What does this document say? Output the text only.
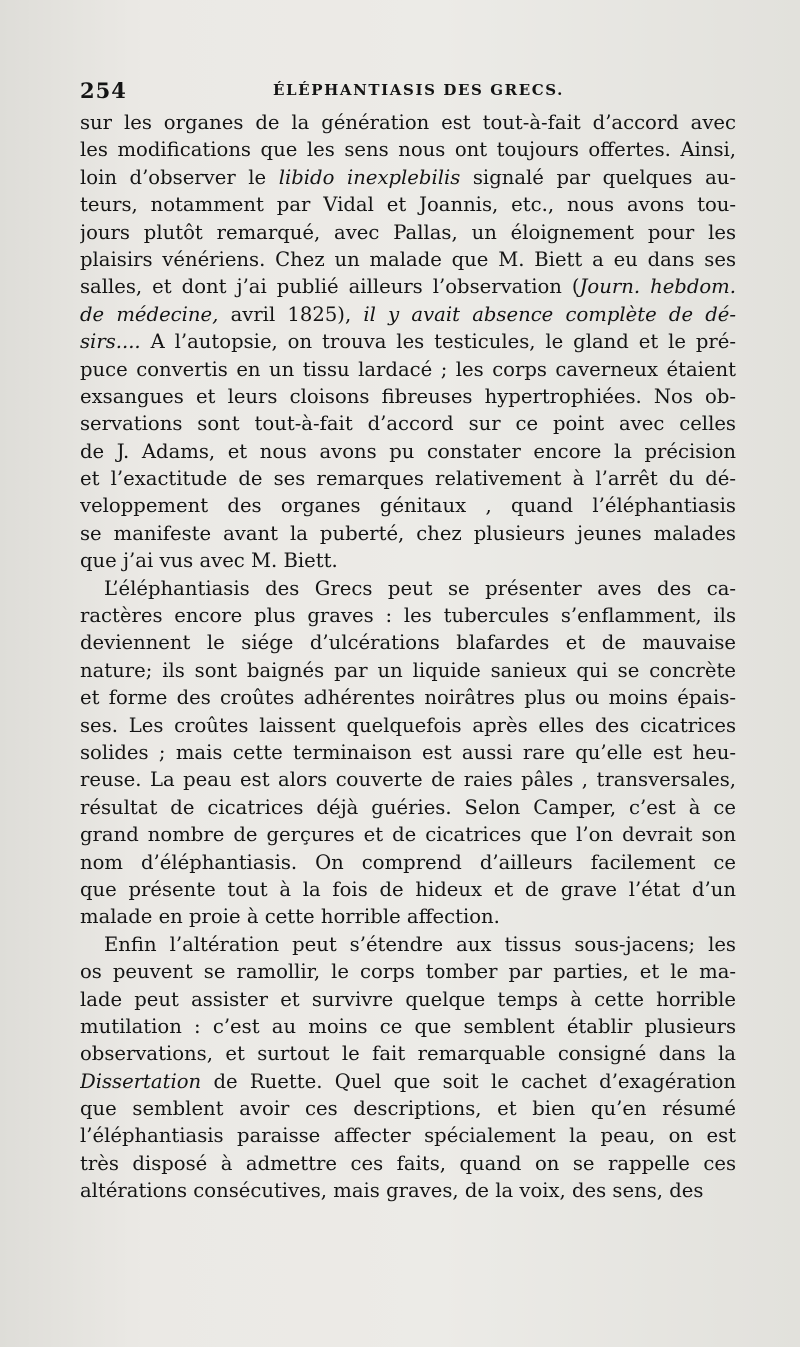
254	ÉLÉPHANTIASIS DES GRECS.
sur les organes de la génération est tout-à-fait d’accord avec
les modifications que les sens nous ont toujours offertes. Ainsi,
loin d’observer le libido inexplebilis signalé par quelques au-
teurs, notamment par Vidal et Joannis, etc., nous avons tou-
jours plutôt remarqué, avec Pallas, un éloignement pour les
plaisirs vénériens. Chez un malade que M. Biett a eu dans ses
salles, et dont j’ai publié ailleurs l’observation (Journ. hebdom.
de médecine, avril 1825), il y avait absence complète de dé-
sirs.... A l’autopsie, on trouva les testicules, le gland et le pré-
puce convertis en un tissu lardacé ; les corps caverneux étaient
exsangues et leurs cloisons fibreuses hypertrophiées. Nos ob-
servations sont tout-à-fait d’accord sur ce point avec celles
de J. Adams, et nous avons pu constater encore la précision
et l’exactitude de ses remarques relativement à l’arrêt du dé-
veloppement des organes génitaux , quand l’éléphantiasis
se manifeste avant la puberté, chez plusieurs jeunes malades
que j’ai vus avec M. Biett.
L’éléphantiasis des Grecs peut se présenter aves des ca-
ractères encore plus graves : les tubercules s’enflamment, ils
deviennent le siége d’ulcérations blafardes et de mauvaise
nature; ils sont baignés par un liquide sanieux qui se concrète
et forme des croûtes adhérentes noirâtres plus ou moins épais-
ses. Les croûtes laissent quelquefois après elles des cicatrices
solides ; mais cette terminaison est aussi rare qu’elle est heu-
reuse. La peau est alors couverte de raies pâles , transversales,
résultat de cicatrices déjà guéries. Selon Camper, c’est à ce
grand nombre de gerçures et de cicatrices que l’on devrait son
nom d’éléphantiasis. On comprend d’ailleurs facilement ce
que présente tout à la fois de hideux et de grave l’état d’un
malade en proie à cette horrible affection.
Enfin l’altération peut s’étendre aux tissus sous-jacens; les
os peuvent se ramollir, le corps tomber par parties, et le ma-
lade peut assister et survivre quelque temps à cette horrible
mutilation : c’est au moins ce que semblent établir plusieurs
observations, et surtout le fait remarquable consigné dans la
Dissertation de Ruette. Quel que soit le cachet d’exagération
que semblent avoir ces descriptions, et bien qu’en résumé
l’éléphantiasis paraisse affecter spécialement la peau, on est
très disposé à admettre ces faits, quand on se rappelle ces
altérations consécutives, mais graves, de la voix, des sens, des
